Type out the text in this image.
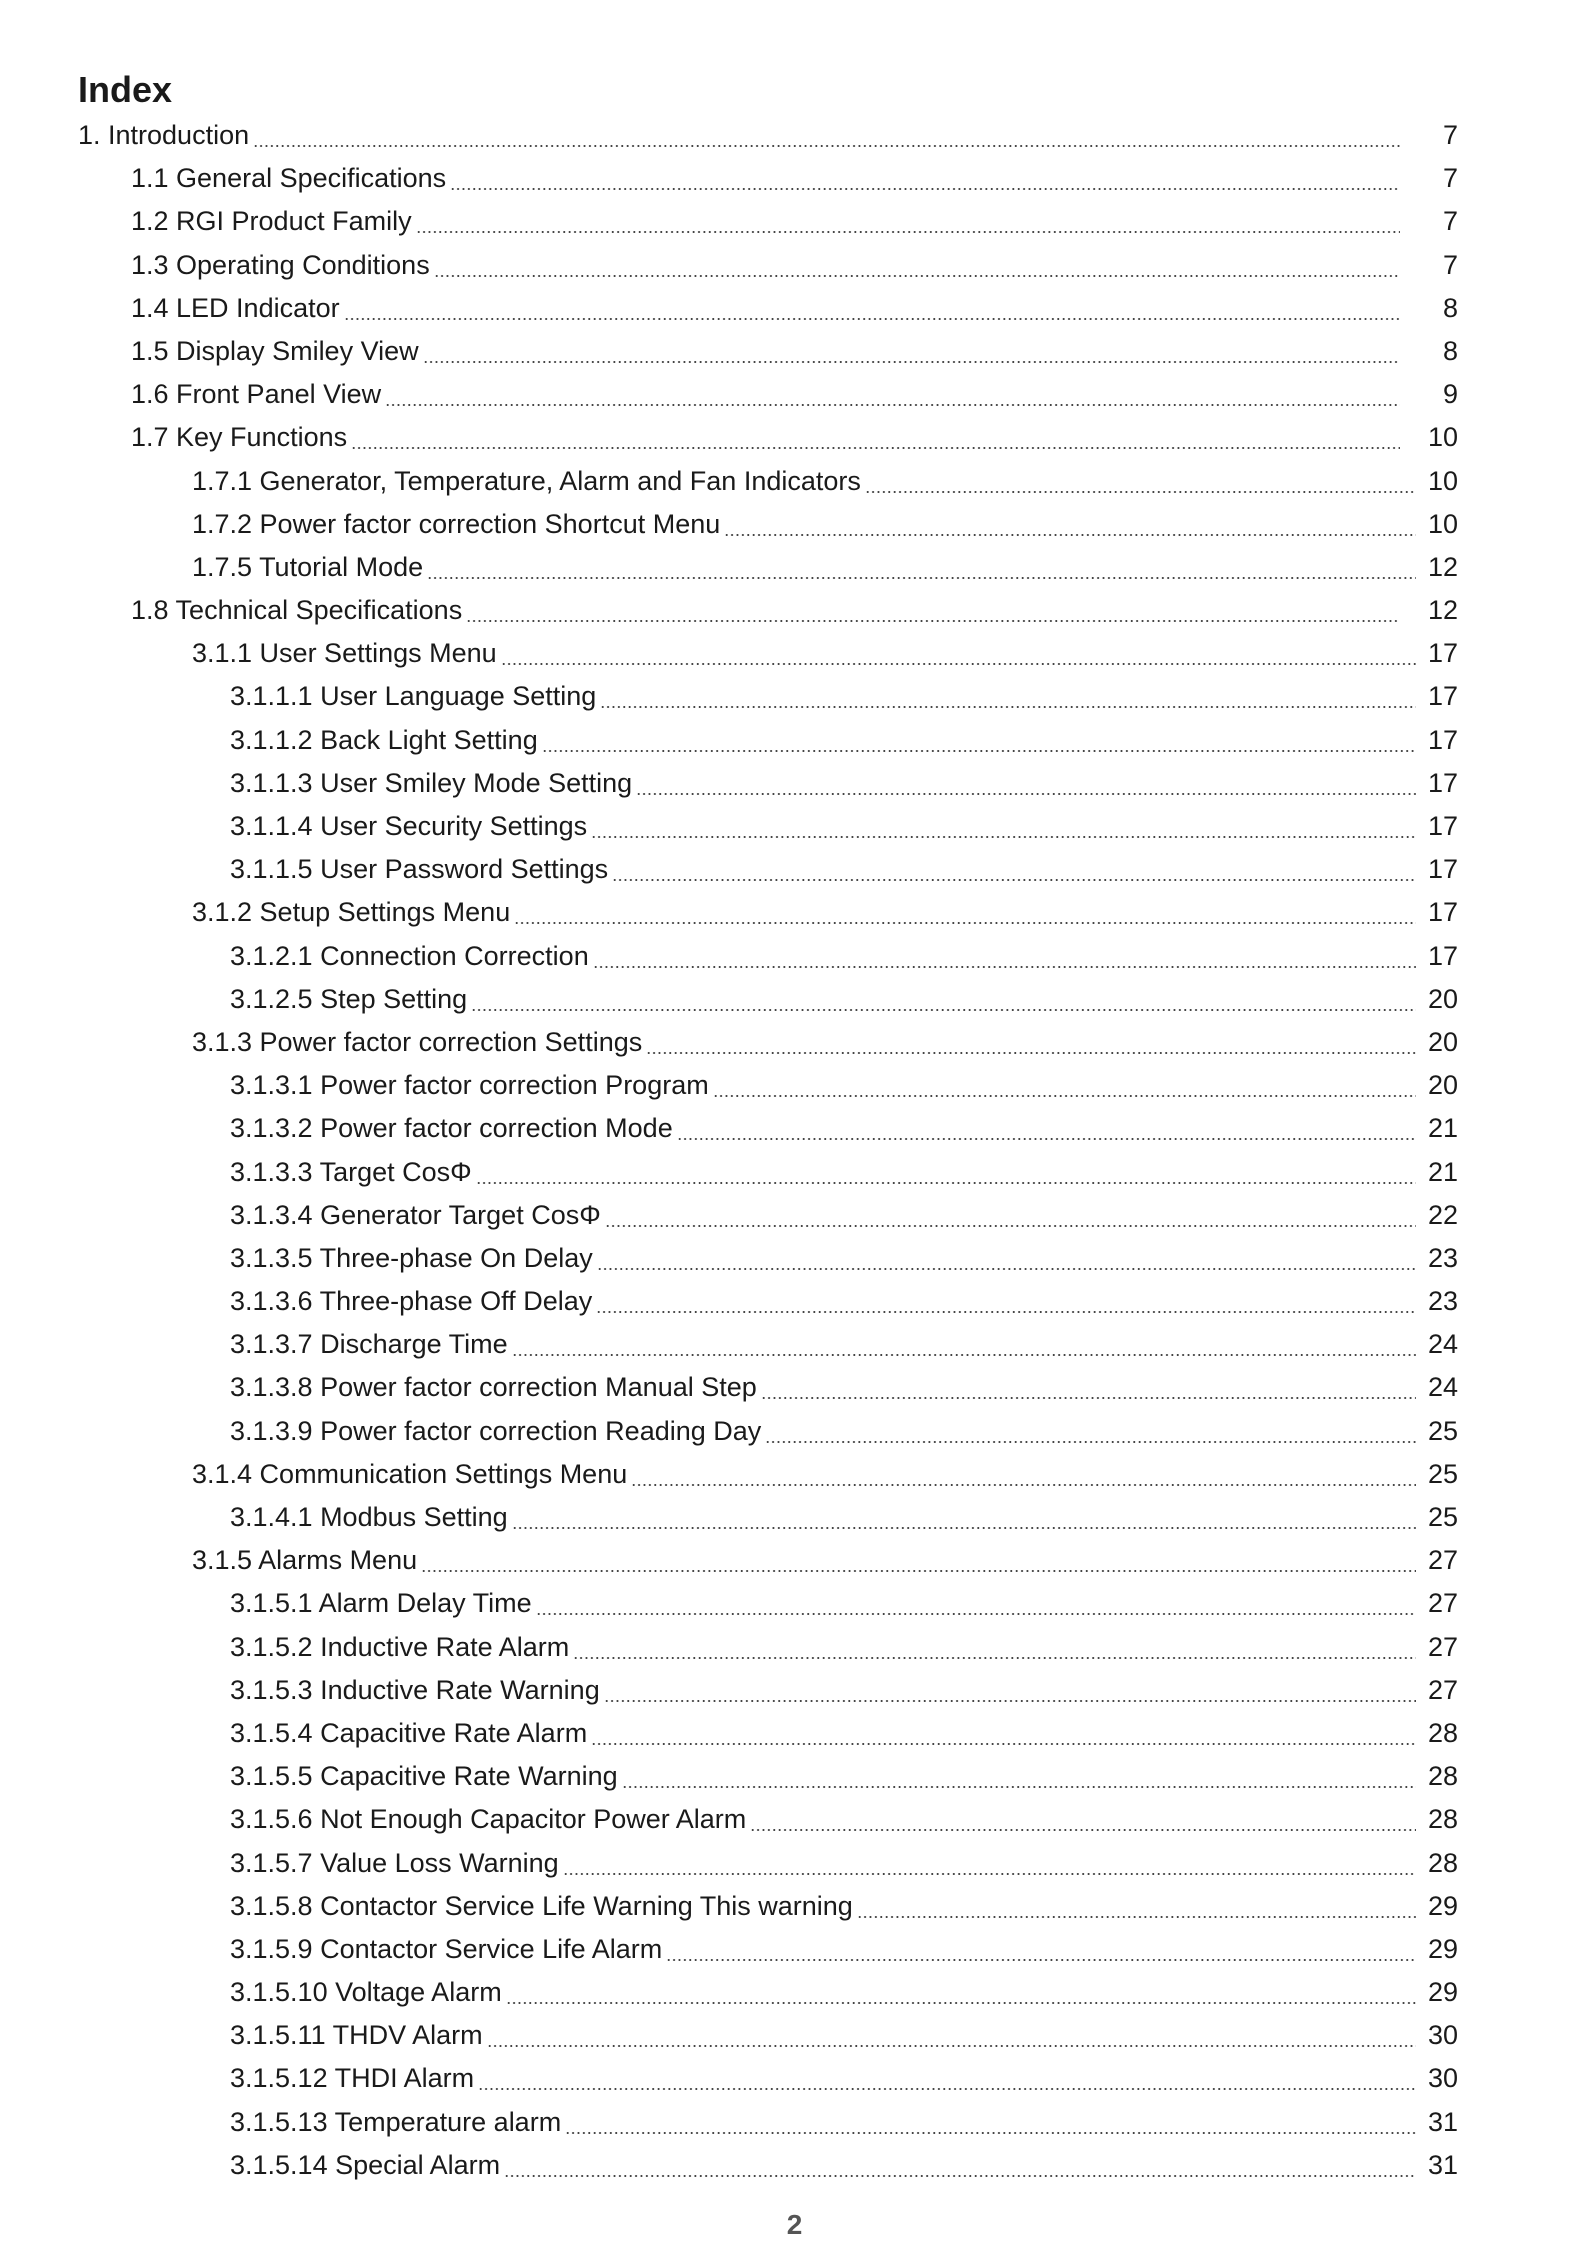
Index
1. Introduction	7
1.1 General Specifications	7
1.2 RGI Product Family	7
1.3 Operating Conditions	7
1.4 LED Indicator	8
1.5 Display Smiley View	8
1.6 Front Panel View	9
1.7 Key Functions	10
1.7.1 Generator, Temperature, Alarm and Fan Indicators	10
1.7.2 Power factor correction Shortcut Menu	10
1.7.5 Tutorial Mode	12
1.8 Technical Specifications	12
3.1.1 User Settings Menu	17
3.1.1.1 User Language Setting	17
3.1.1.2 Back Light Setting	17
3.1.1.3 User Smiley Mode Setting	17
3.1.1.4 User Security Settings	17
3.1.1.5 User Password Settings	17
3.1.2 Setup Settings Menu	17
3.1.2.1 Connection Correction	17
3.1.2.5 Step Setting	20
3.1.3 Power factor correction Settings	20
3.1.3.1 Power factor correction Program	20
3.1.3.2 Power factor correction Mode	21
3.1.3.3 Target CosΦ	21
3.1.3.4 Generator Target CosΦ	22
3.1.3.5 Three-phase On Delay	23
3.1.3.6 Three-phase Off Delay	23
3.1.3.7 Discharge Time	24
3.1.3.8 Power factor correction Manual Step	24
3.1.3.9 Power factor correction Reading Day	25
3.1.4 Communication Settings Menu	25
3.1.4.1 Modbus Setting	25
3.1.5 Alarms Menu	27
3.1.5.1 Alarm Delay Time	27
3.1.5.2 Inductive Rate Alarm	27
3.1.5.3 Inductive Rate Warning	27
3.1.5.4 Capacitive Rate Alarm	28
3.1.5.5 Capacitive Rate Warning	28
3.1.5.6 Not Enough Capacitor Power Alarm	28
3.1.5.7 Value Loss Warning	28
3.1.5.8 Contactor Service Life Warning This warning	29
3.1.5.9 Contactor Service Life Alarm	29
3.1.5.10 Voltage Alarm	29
3.1.5.11 THDV Alarm	30
3.1.5.12 THDI Alarm	30
3.1.5.13 Temperature alarm	31
3.1.5.14 Special Alarm	31
2
